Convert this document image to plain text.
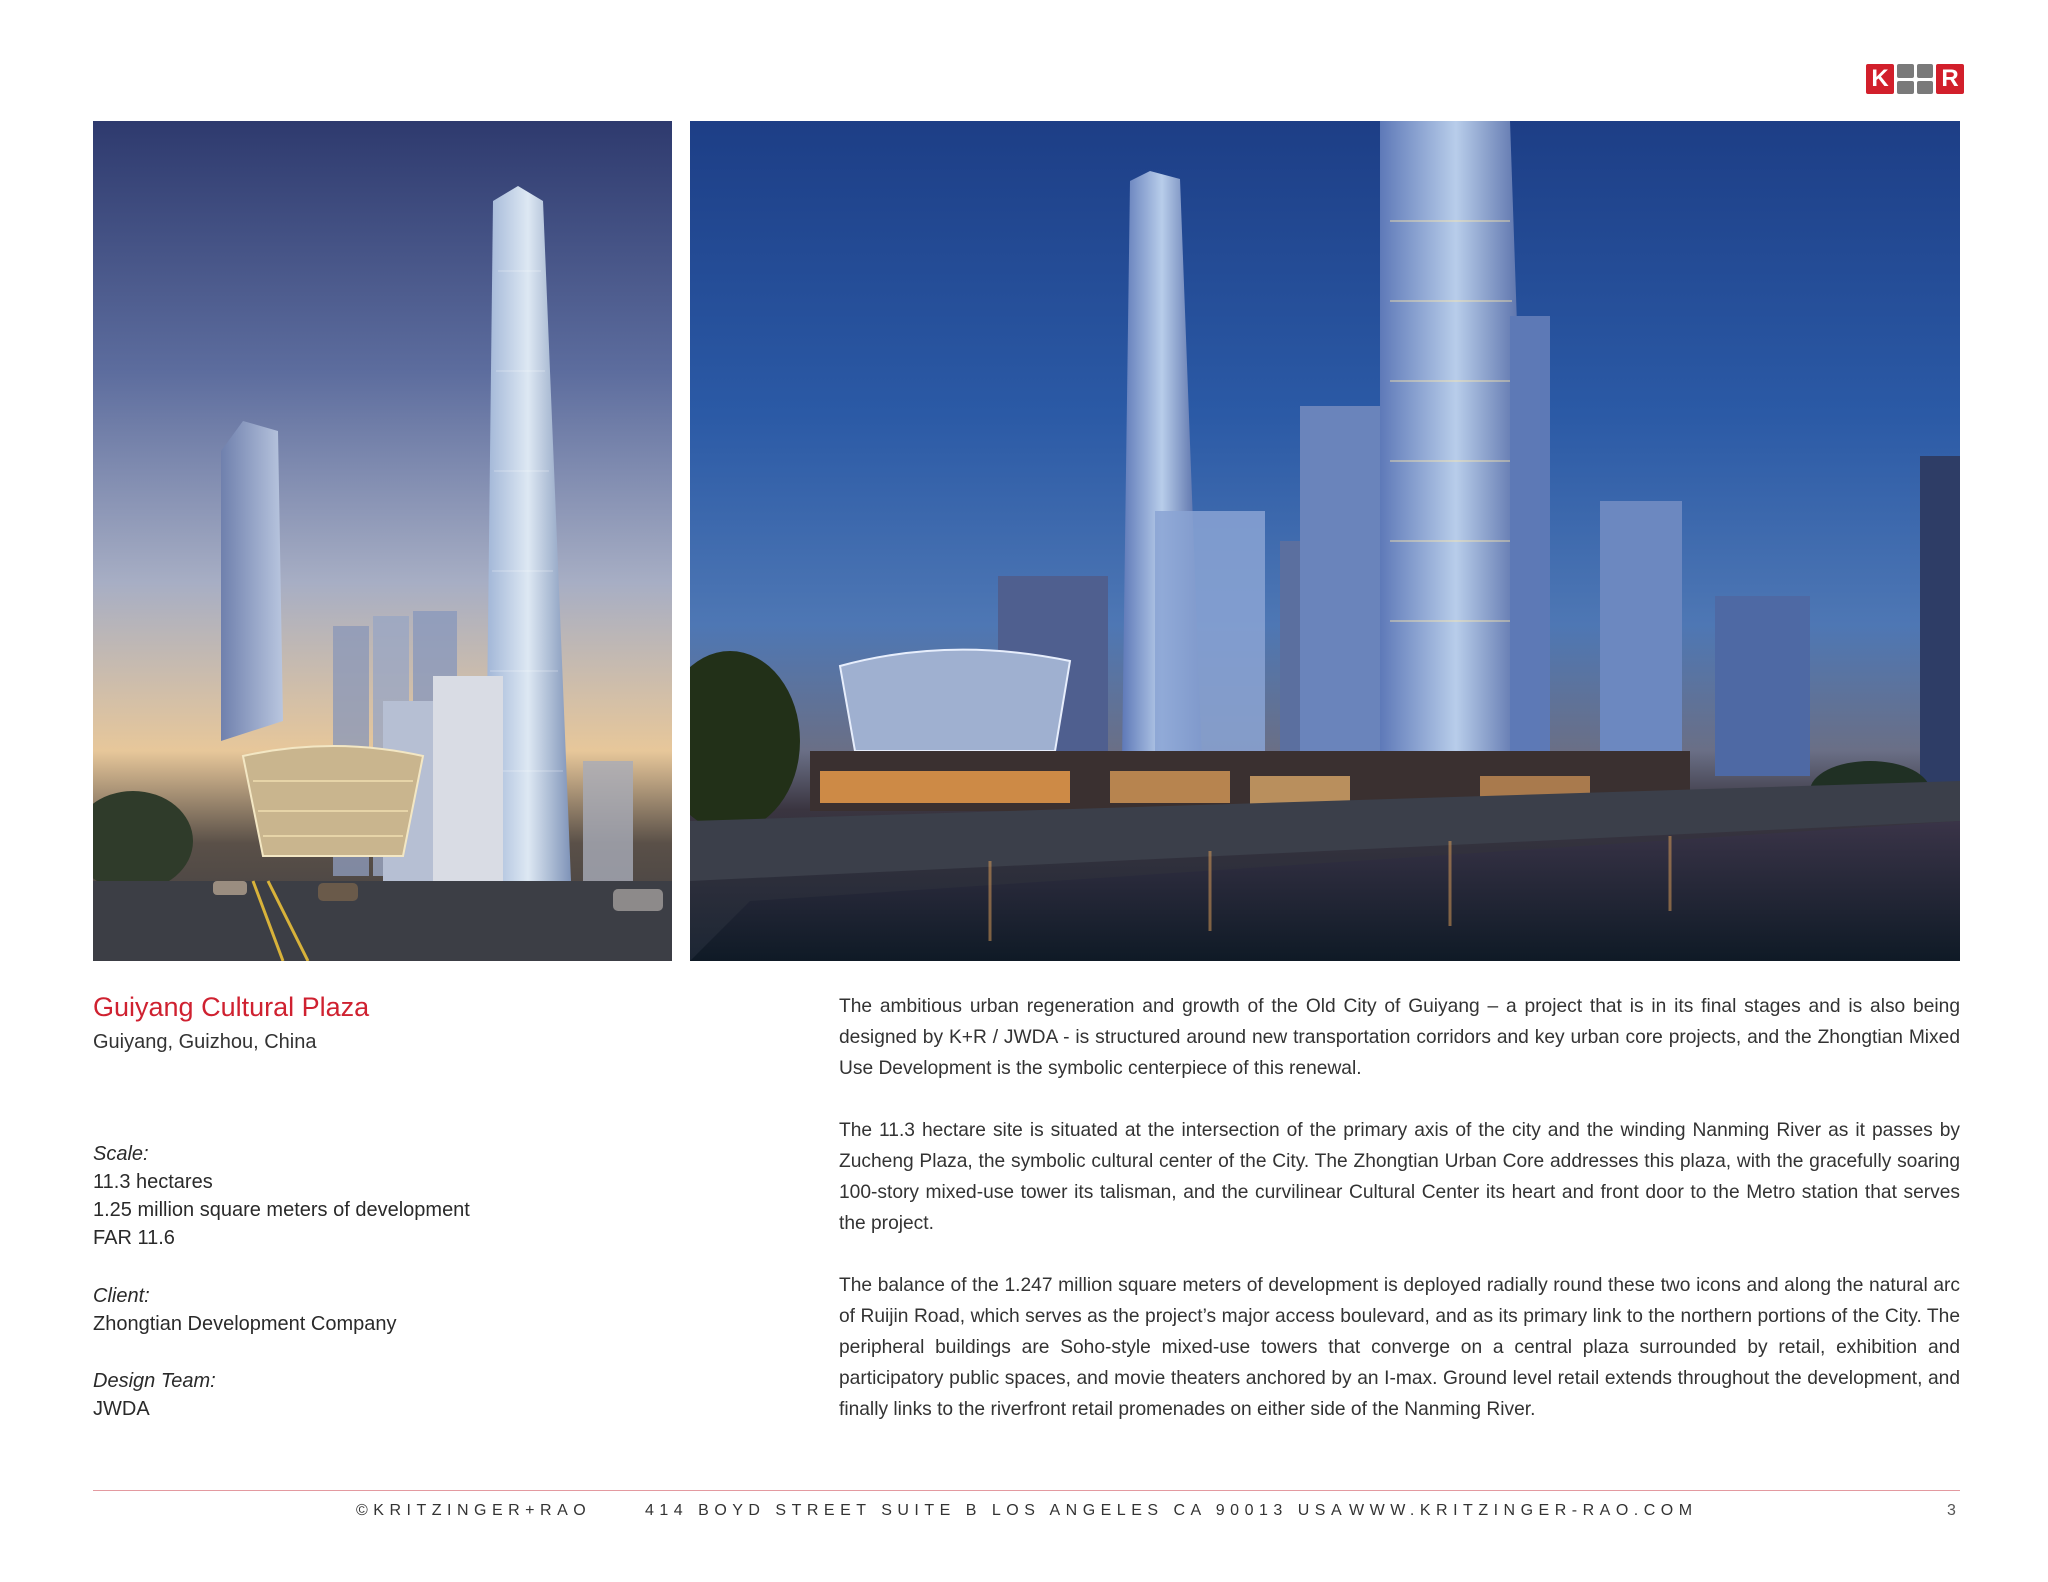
K R
Guiyang Cultural Plaza
Guiyang, Guizhou, China
Scale:
11.3 hectares
1.25 million square meters of development
FAR 11.6
Client:
Zhongtian Development Company
Design Team:
JWDA

The ambitious urban regeneration and growth of the Old City of Guiyang – a project that is in its final stages and is also being designed by K+R / JWDA - is structured around new transportation corridors and key urban core projects, and the Zhongtian Mixed Use Development is the symbolic centerpiece of this renewal.

The 11.3 hectare site is situated at the intersection of the primary axis of the city and the winding Nanming River as it passes by Zucheng Plaza, the symbolic cultural center of the City. The Zhongtian Urban Core addresses this plaza, with the gracefully soaring 100-story mixed-use tower its talisman, and the curvilinear Cultural Center its heart and front door to the Metro station that serves the project.

The balance of the 1.247 million square meters of development is deployed radially round these two icons and along the natural arc of Ruijin Road, which serves as the project’s major access boulevard, and as its primary link to the northern portions of the City. The peripheral buildings are Soho-style mixed-use towers that converge on a central plaza surrounded by retail, exhibition and participatory public spaces, and movie theaters anchored by an I-max. Ground level retail extends throughout the development, and finally links to the riverfront retail promenades on either side of the Nanming River.

©KRITZINGER+RAO	414 BOYD STREET SUITE B LOS ANGELES CA 90013 USA WWW.KRITZINGER-RAO.COM	3
